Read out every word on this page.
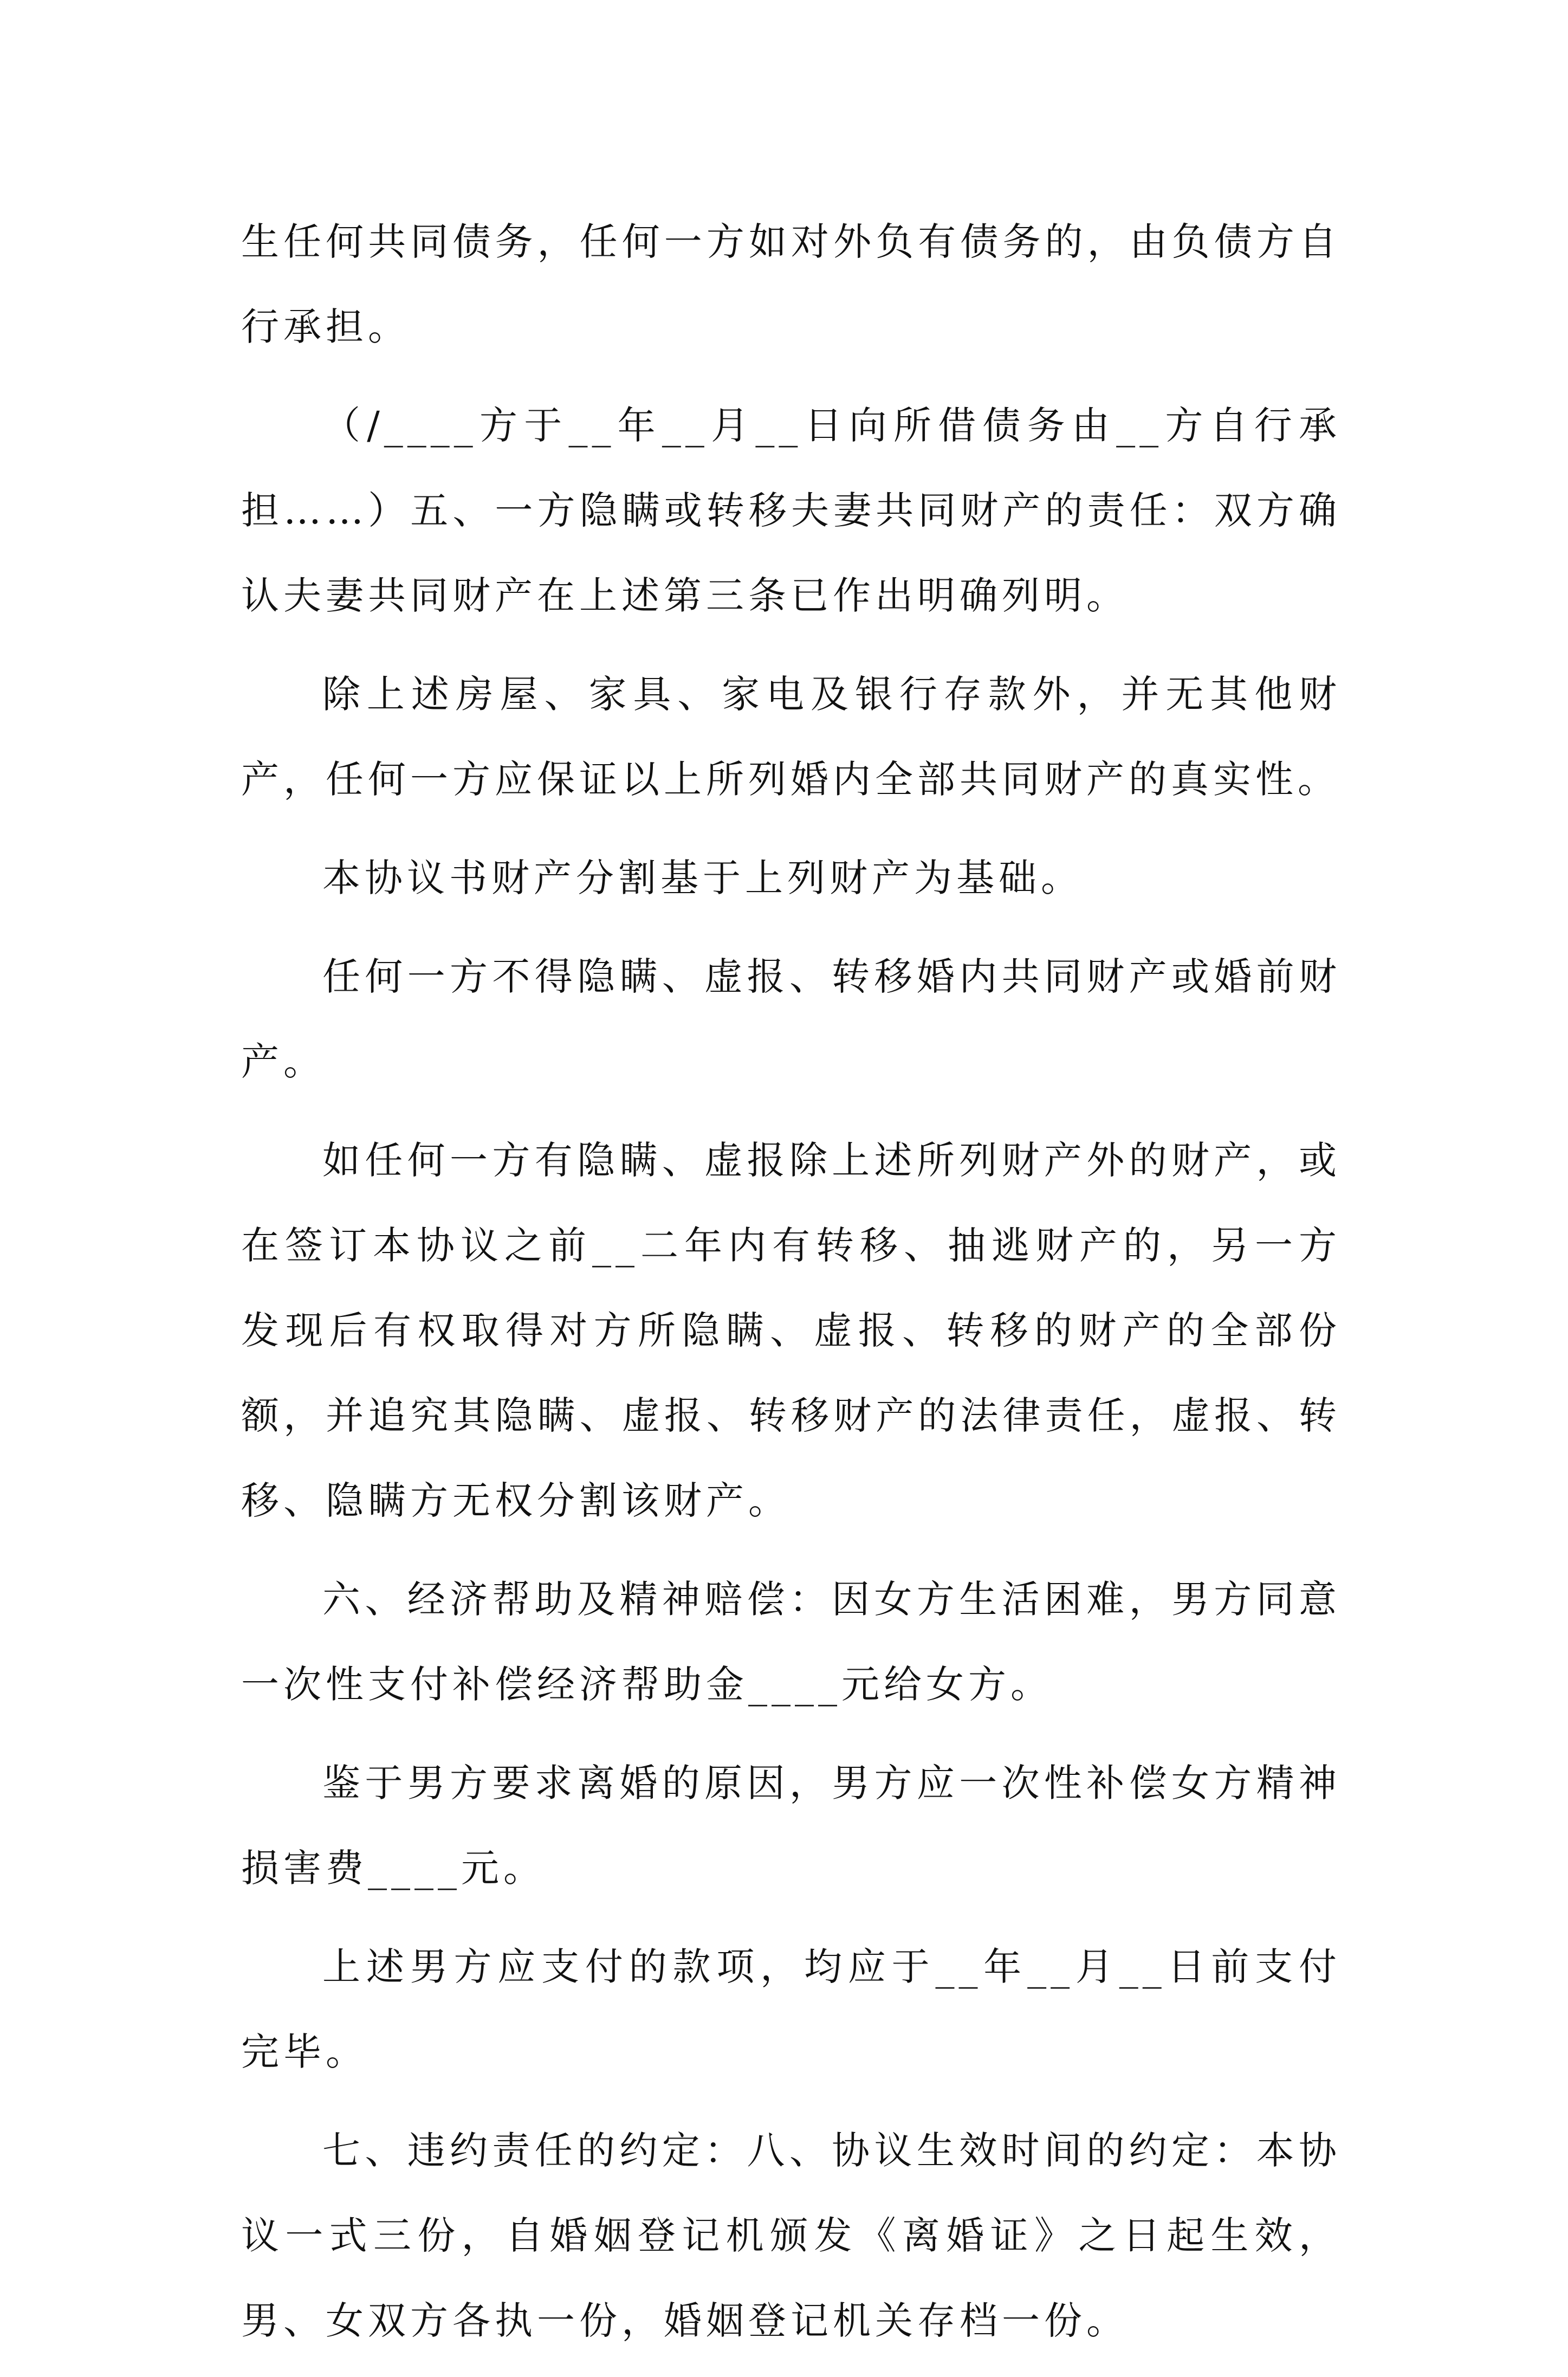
生任何共同债务，任何一方如对外负有债务的，由负债方自行承担。

（/____方于__年__月__日向所借债务由__方自行承担……）五、一方隐瞒或转移夫妻共同财产的责任：双方确认夫妻共同财产在上述第三条已作出明确列明。

除上述房屋、家具、家电及银行存款外，并无其他财产，任何一方应保证以上所列婚内全部共同财产的真实性。

本协议书财产分割基于上列财产为基础。

任何一方不得隐瞒、虚报、转移婚内共同财产或婚前财产。

如任何一方有隐瞒、虚报除上述所列财产外的财产，或在签订本协议之前__二年内有转移、抽逃财产的，另一方发现后有权取得对方所隐瞒、虚报、转移的财产的全部份额，并追究其隐瞒、虚报、转移财产的法律责任，虚报、转移、隐瞒方无权分割该财产。

六、经济帮助及精神赔偿：因女方生活困难，男方同意一次性支付补偿经济帮助金____元给女方。

鉴于男方要求离婚的原因，男方应一次性补偿女方精神损害费____元。

上述男方应支付的款项，均应于__年__月__日前支付完毕。

七、违约责任的约定：八、协议生效时间的约定：本协议一式三份，自婚姻登记机颁发《离婚证》之日起生效，男、女双方各执一份，婚姻登记机关存档一份。
